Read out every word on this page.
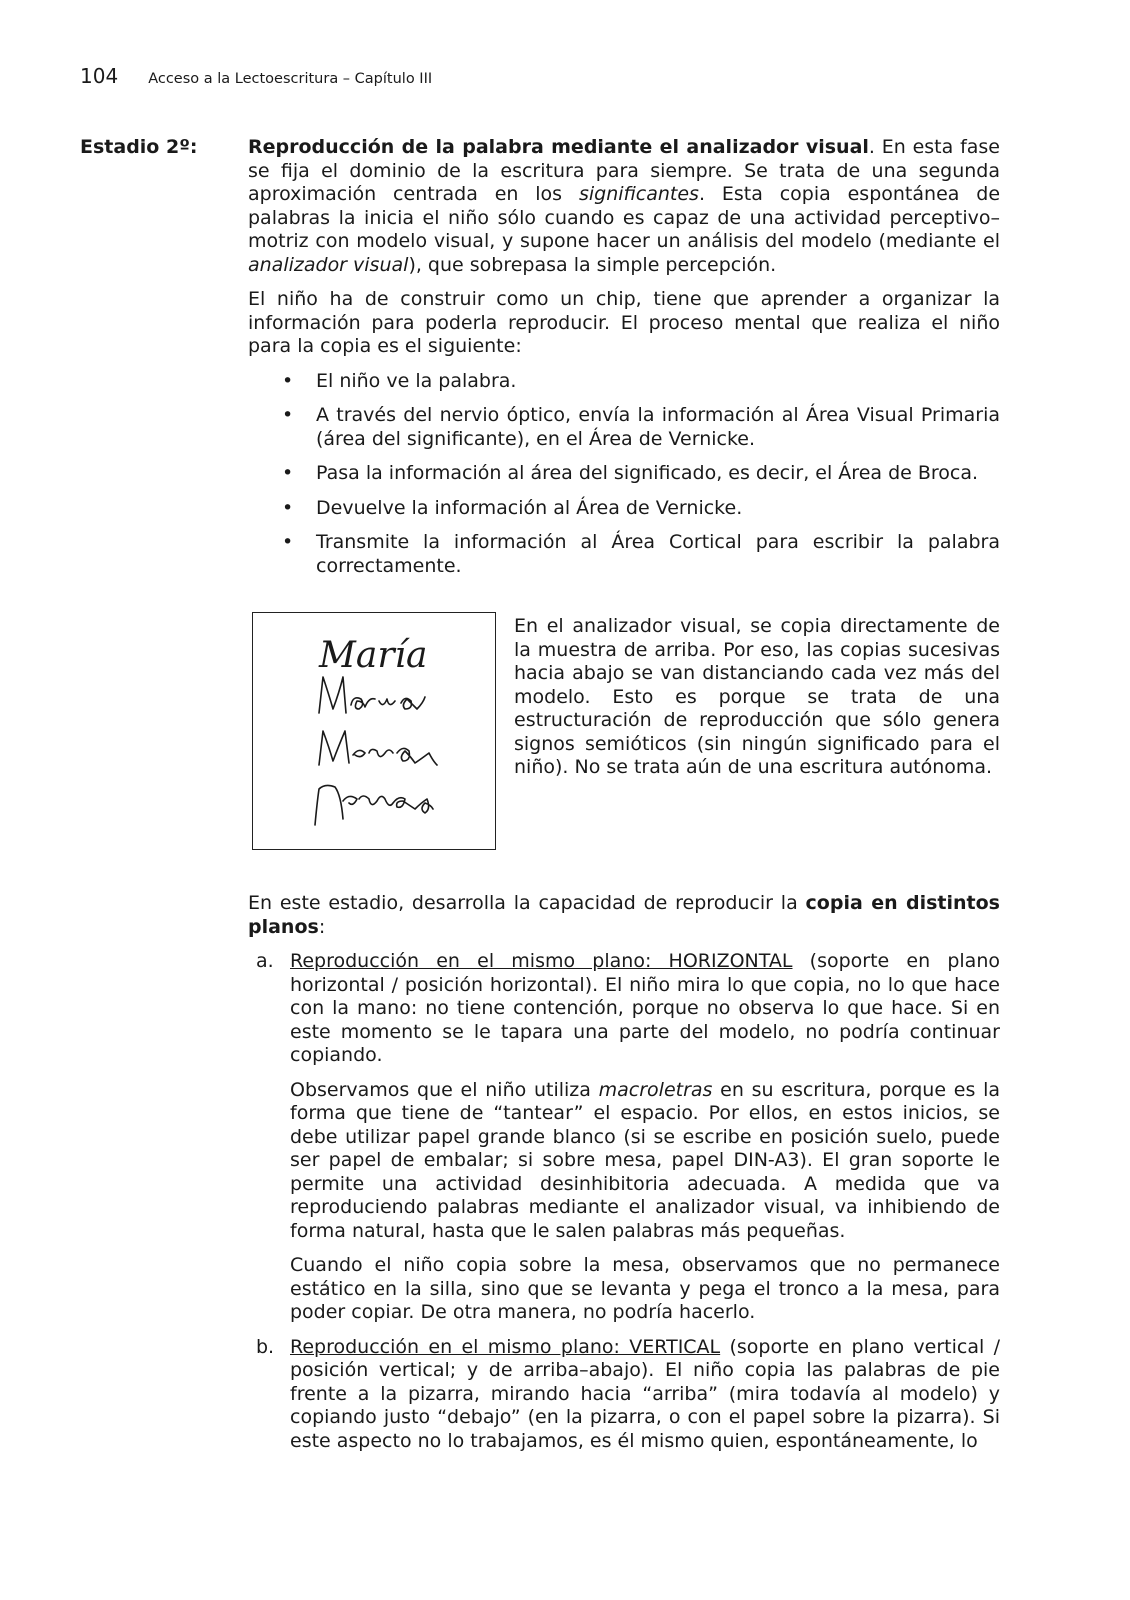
104 Acceso a la Lectoescritura – Capítulo III
Estadio 2º:	Reproducción de la palabra mediante el analizador visual. En esta fase se fija el dominio de la escritura para siempre. Se trata de una segunda aproximación centrada en los significantes. Esta copia espontánea de palabras la inicia el niño sólo cuando es capaz de una actividad perceptivo–motriz con modelo visual, y supone hacer un análisis del modelo (mediante el analizador visual), que sobrepasa la simple percepción.

El niño ha de construir como un chip, tiene que aprender a organizar la información para poderla reproducir. El proceso mental que realiza el niño para la copia es el siguiente:

• El niño ve la palabra.
• A través del nervio óptico, envía la información al Área Visual Primaria (área del significante), en el Área de Vernicke.
• Pasa la información al área del significado, es decir, el Área de Broca.
• Devuelve la información al Área de Vernicke.
• Transmite la información al Área Cortical para escribir la palabra correctamente.
María
En el analizador visual, se copia directamente de la muestra de arriba. Por eso, las copias sucesivas hacia abajo se van distanciando cada vez más del modelo. Esto es porque se trata de una estructuración de reproducción que sólo genera signos semióticos (sin ningún significado para el niño). No se trata aún de una escritura autónoma.

En este estadio, desarrolla la capacidad de reproducir la copia en distintos planos:

a. Reproducción en el mismo plano: HORIZONTAL (soporte en plano horizontal / posición horizontal). El niño mira lo que copia, no lo que hace con la mano: no tiene contención, porque no observa lo que hace. Si en este momento se le tapara una parte del modelo, no podría continuar copiando.

Observamos que el niño utiliza macroletras en su escritura, porque es la forma que tiene de “tantear” el espacio. Por ellos, en estos inicios, se debe utilizar papel grande blanco (si se escribe en posición suelo, puede ser papel de embalar; si sobre mesa, papel DIN-A3). El gran soporte le permite una actividad desinhibitoria adecuada. A medida que va reproduciendo palabras mediante el analizador visual, va inhibiendo de forma natural, hasta que le salen palabras más pequeñas.

Cuando el niño copia sobre la mesa, observamos que no permanece estático en la silla, sino que se levanta y pega el tronco a la mesa, para poder copiar. De otra manera, no podría hacerlo.

b. Reproducción en el mismo plano: VERTICAL (soporte en plano vertical / posición vertical; y de arriba–abajo). El niño copia las palabras de pie frente a la pizarra, mirando hacia “arriba” (mira todavía al modelo) y copiando justo “debajo” (en la pizarra, o con el papel sobre la pizarra). Si este aspecto no lo trabajamos, es él mismo quien, espontáneamente, lo
